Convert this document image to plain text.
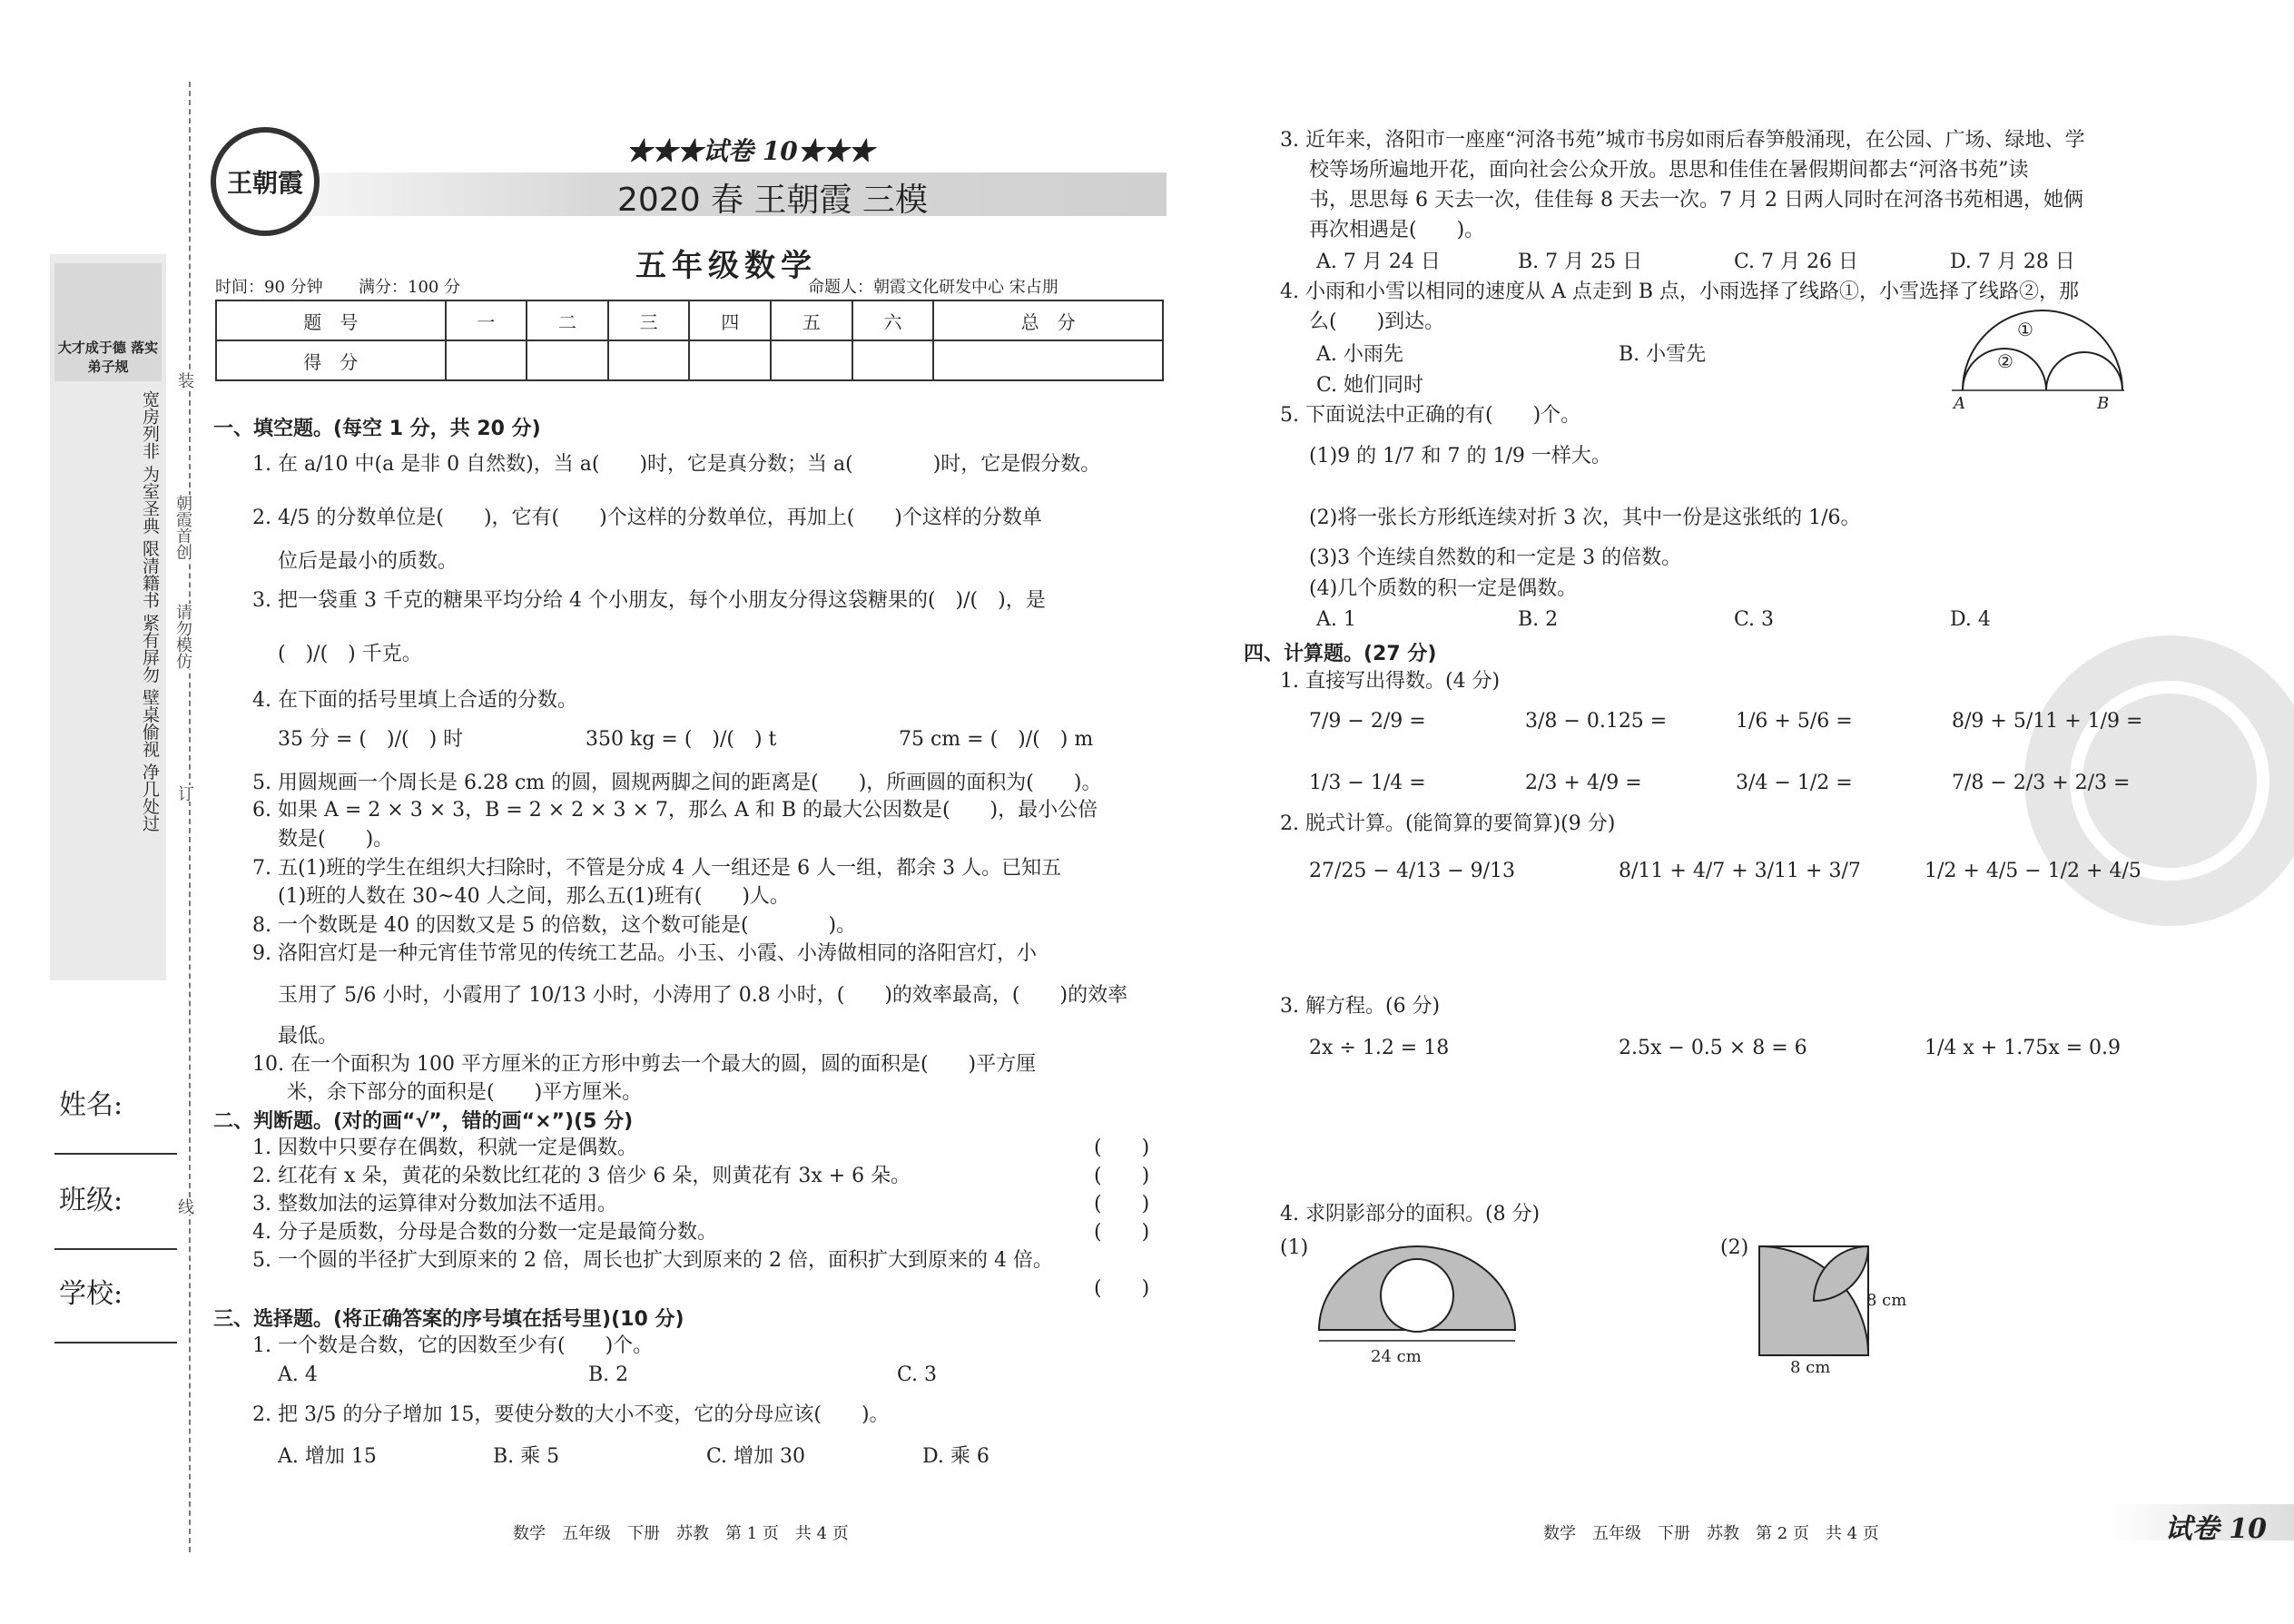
大才成于德 落实弟子规
宽房列非 为室圣典 限清籍书 紧有屏勿 壁桌偷视 净几处过
姓名:
班级:
学校:
装
朝霞首创
请勿模仿
订
线
王朝霞
★★★试卷 10★★★
2020 春 王朝霞 三模
五年级数学
时间：90 分钟 满分：100 分	命题人：朝霞文化研发中心 宋占朋
题　号	一	二	三	四	五	六	总　分
得　分							
一、填空题。(每空 1 分，共 20 分)
1. 在 a/10 中(a 是非 0 自然数)，当 a(　　)时，它是真分数；当 a(　　　　)时，它是假分数。
2. 4/5 的分数单位是(　　)，它有(　　)个这样的分数单位，再加上(　　)个这样的分数单
位后是最小的质数。
3. 把一袋重 3 千克的糖果平均分给 4 个小朋友，每个小朋友分得这袋糖果的(　)/(　)，是
(　)/(　) 千克。
4. 在下面的括号里填上合适的分数。
35 分 = (　)/(　) 时	350 kg = (　)/(　) t	75 cm = (　)/(　) m
5. 用圆规画一个周长是 6.28 cm 的圆，圆规两脚之间的距离是(　　)，所画圆的面积为(　　)。
6. 如果 A = 2 × 3 × 3，B = 2 × 2 × 3 × 7，那么 A 和 B 的最大公因数是(　　)，最小公倍
数是(　　)。
7. 五(1)班的学生在组织大扫除时，不管是分成 4 人一组还是 6 人一组，都余 3 人。已知五
(1)班的人数在 30~40 人之间，那么五(1)班有(　　)人。
8. 一个数既是 40 的因数又是 5 的倍数，这个数可能是(　　　　)。
9. 洛阳宫灯是一种元宵佳节常见的传统工艺品。小玉、小霞、小涛做相同的洛阳宫灯，小
玉用了 5/6 小时，小霞用了 10/13 小时，小涛用了 0.8 小时，(　　)的效率最高，(　　)的效率
最低。
10. 在一个面积为 100 平方厘米的正方形中剪去一个最大的圆，圆的面积是(　　)平方厘
米，余下部分的面积是(　　)平方厘米。
二、判断题。(对的画“√”，错的画“×”)(5 分)
1. 因数中只要存在偶数，积就一定是偶数。
2. 红花有 x 朵，黄花的朵数比红花的 3 倍少 6 朵，则黄花有 3x + 6 朵。
3. 整数加法的运算律对分数加法不适用。
4. 分子是质数，分母是合数的分数一定是最简分数。
5. 一个圆的半径扩大到原来的 2 倍，周长也扩大到原来的 2 倍，面积扩大到原来的 4 倍。
(　　)
(　　)
(　　)
(　　)
(　　)
三、选择题。(将正确答案的序号填在括号里)(10 分)
1. 一个数是合数，它的因数至少有(　　)个。
A. 4	B. 2	C. 3
2. 把 3/5 的分子增加 15，要使分数的大小不变，它的分母应该(　　)。
A. 增加 15	B. 乘 5	C. 增加 30	D. 乘 6
数学　五年级　下册　苏教　第 1 页　共 4 页
3. 近年来，洛阳市一座座“河洛书苑”城市书房如雨后春笋般涌现，在公园、广场、绿地、学
校等场所遍地开花，面向社会公众开放。思思和佳佳在暑假期间都去“河洛书苑”读
书，思思每 6 天去一次，佳佳每 8 天去一次。7 月 2 日两人同时在河洛书苑相遇，她俩
再次相遇是(　　)。
A. 7 月 24 日	B. 7 月 25 日	C. 7 月 26 日	D. 7 月 28 日
4. 小雨和小雪以相同的速度从 A 点走到 B 点，小雨选择了线路①，小雪选择了线路②，那
么(　　)到达。
A. 小雨先	B. 小雪先
C. 她们同时
①
②
A	B
5. 下面说法中正确的有(　　)个。
(1)9 的 1/7 和 7 的 1/9 一样大。
(2)将一张长方形纸连续对折 3 次，其中一份是这张纸的 1/6。
(3)3 个连续自然数的和一定是 3 的倍数。
(4)几个质数的积一定是偶数。
A. 1	B. 2	C. 3	D. 4
四、计算题。(27 分)
1. 直接写出得数。(4 分)
7/9 − 2/9 =	3/8 − 0.125 =	1/6 + 5/6 =	8/9 + 5/11 + 1/9 =
1/3 − 1/4 =	2/3 + 4/9 =	3/4 − 1/2 =	7/8 − 2/3 + 2/3 =
2. 脱式计算。(能简算的要简算)(9 分)
27/25 − 4/13 − 9/13	8/11 + 4/7 + 3/11 + 3/7	1/2 + 4/5 − 1/2 + 4/5
3. 解方程。(6 分)
2x ÷ 1.2 = 18	2.5x − 0.5 × 8 = 6	1/4 x + 1.75x = 0.9
4. 求阴影部分的面积。(8 分)
(1)
24 cm
(2)
8 cm
8 cm
数学　五年级　下册　苏教　第 2 页　共 4 页	试卷 10
